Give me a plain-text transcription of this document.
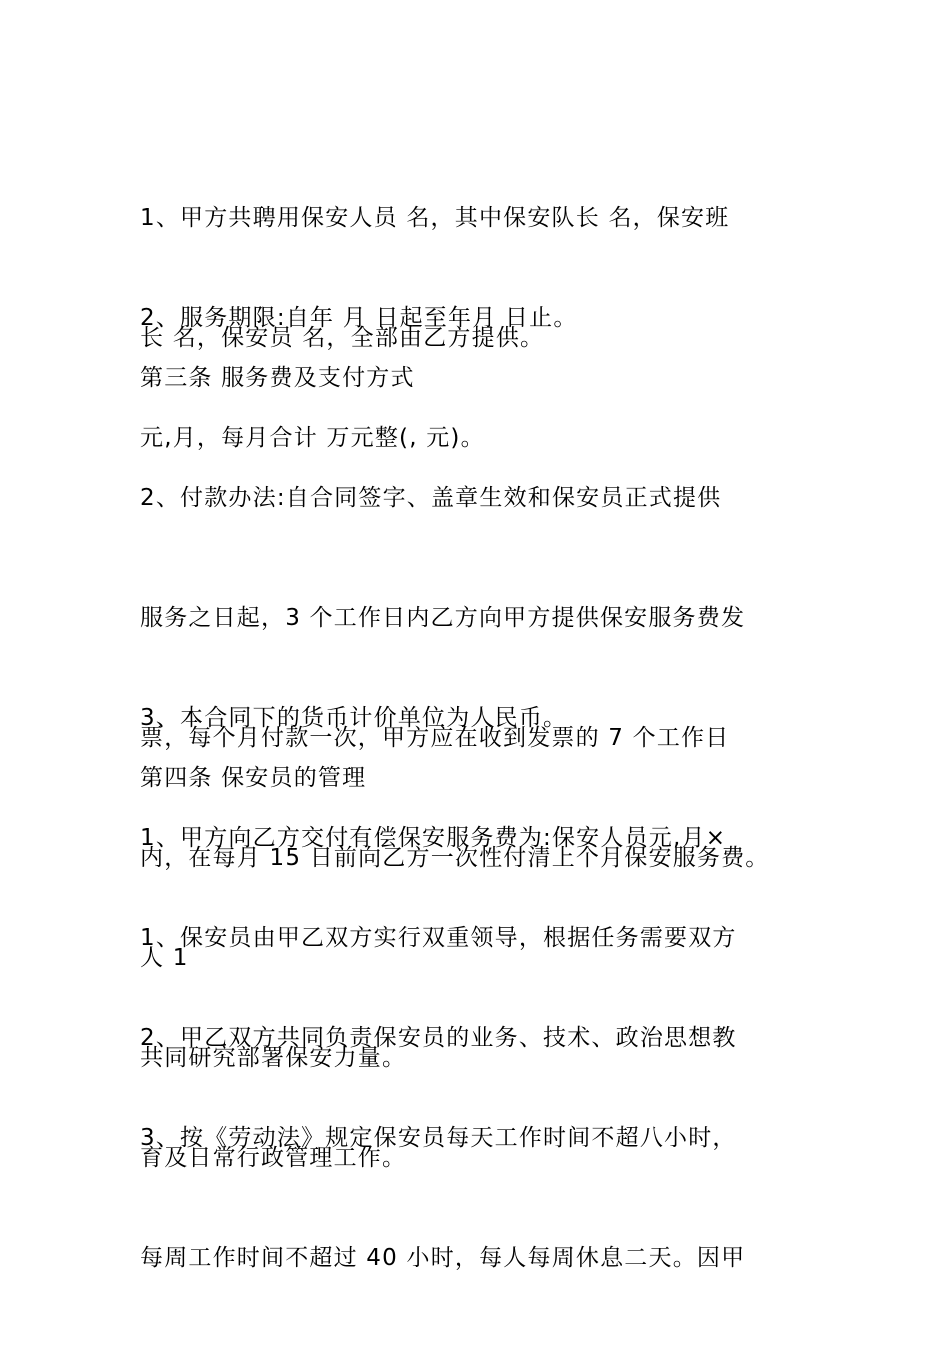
1、甲方共聘用保安人员 名，其中保安队长 名，保安班

长 名，保安员 名，全部由乙方提供。

2、服务期限:自年 月 日起至年月 日止。

第三条 服务费及支付方式

元,月，每月合计 万元整(, 元)。

2、付款办法:自合同签字、盖章生效和保安员正式提供

服务之日起，3 个工作日内乙方向甲方提供保安服务费发

票，每个月付款一次，甲方应在收到发票的 7 个工作日

内，在每月 15 日前向乙方一次性付清上个月保安服务费。

3、本合同下的货币计价单位为人民币。

第四条 保安员的管理

1、甲方向乙方交付有偿保安服务费为:保安人员元,月×

人 1

1、保安员由甲乙双方实行双重领导，根据任务需要双方

共同研究部署保安力量。

2、甲乙双方共同负责保安员的业务、技术、政治思想教

育及日常行政管理工作。

3、按《劳动法》规定保安员每天工作时间不超八小时，

每周工作时间不超过 40 小时，每人每周休息二天。因甲
